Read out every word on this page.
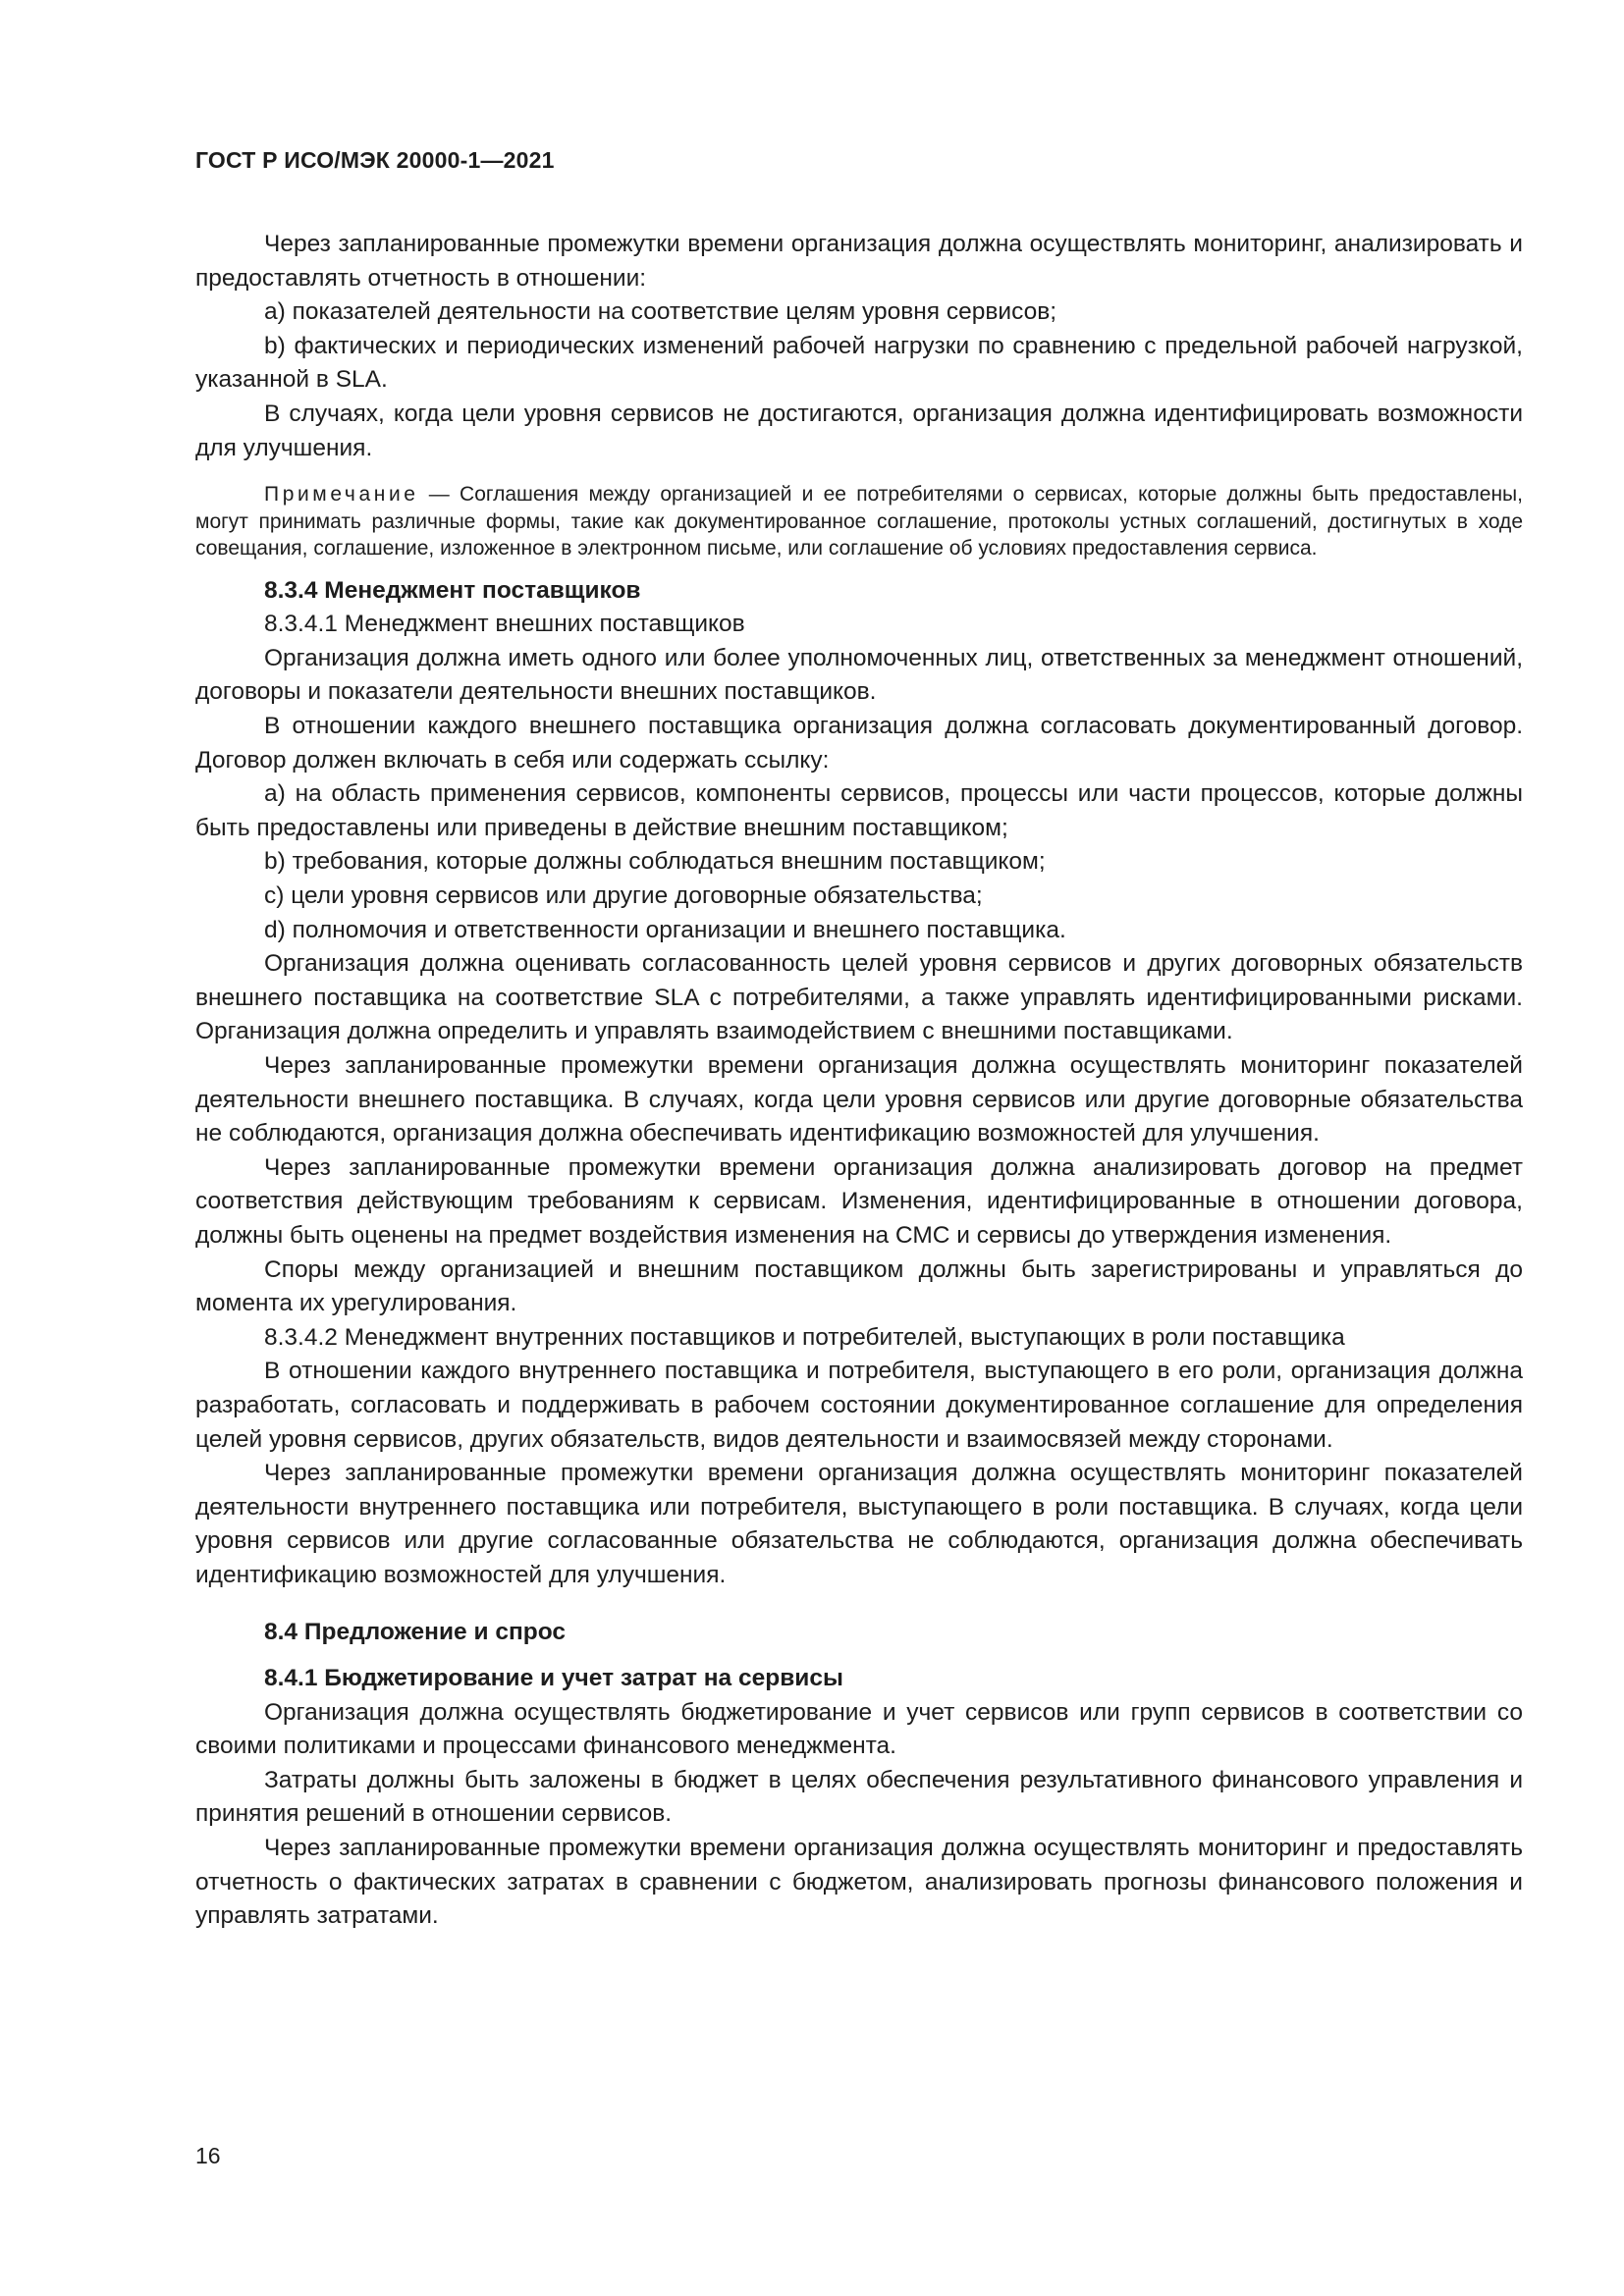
ГОСТ Р ИСО/МЭК 20000-1—2021

Через запланированные промежутки времени организация должна осуществлять мониторинг, анализировать и предоставлять отчетность в отношении:

a) показателей деятельности на соответствие целям уровня сервисов;

b) фактических и периодических изменений рабочей нагрузки по сравнению с предельной рабочей нагрузкой, указанной в SLA.

В случаях, когда цели уровня сервисов не достигаются, организация должна идентифицировать возможности для улучшения.

Примечание — Соглашения между организацией и ее потребителями о сервисах, которые должны быть предоставлены, могут принимать различные формы, такие как документированное соглашение, протоколы устных соглашений, достигнутых в ходе совещания, соглашение, изложенное в электронном письме, или соглашение об условиях предоставления сервиса.

8.3.4 Менеджмент поставщиков

8.3.4.1 Менеджмент внешних поставщиков

Организация должна иметь одного или более уполномоченных лиц, ответственных за менеджмент отношений, договоры и показатели деятельности внешних поставщиков.

В отношении каждого внешнего поставщика организация должна согласовать документированный договор. Договор должен включать в себя или содержать ссылку:

a) на область применения сервисов, компоненты сервисов, процессы или части процессов, которые должны быть предоставлены или приведены в действие внешним поставщиком;

b) требования, которые должны соблюдаться внешним поставщиком;

c) цели уровня сервисов или другие договорные обязательства;

d) полномочия и ответственности организации и внешнего поставщика.

Организация должна оценивать согласованность целей уровня сервисов и других договорных обязательств внешнего поставщика на соответствие SLA с потребителями, а также управлять идентифицированными рисками. Организация должна определить и управлять взаимодействием с внешними поставщиками.

Через запланированные промежутки времени организация должна осуществлять мониторинг показателей деятельности внешнего поставщика. В случаях, когда цели уровня сервисов или другие договорные обязательства не соблюдаются, организация должна обеспечивать идентификацию возможностей для улучшения.

Через запланированные промежутки времени организация должна анализировать договор на предмет соответствия действующим требованиям к сервисам. Изменения, идентифицированные в отношении договора, должны быть оценены на предмет воздействия изменения на СМС и сервисы до утверждения изменения.

Споры между организацией и внешним поставщиком должны быть зарегистрированы и управляться до момента их урегулирования.

8.3.4.2 Менеджмент внутренних поставщиков и потребителей, выступающих в роли поставщика

В отношении каждого внутреннего поставщика и потребителя, выступающего в его роли, организация должна разработать, согласовать и поддерживать в рабочем состоянии документированное соглашение для определения целей уровня сервисов, других обязательств, видов деятельности и взаимосвязей между сторонами.

Через запланированные промежутки времени организация должна осуществлять мониторинг показателей деятельности внутреннего поставщика или потребителя, выступающего в роли поставщика. В случаях, когда цели уровня сервисов или другие согласованные обязательства не соблюдаются, организация должна обеспечивать идентификацию возможностей для улучшения.

8.4 Предложение и спрос
8.4.1 Бюджетирование и учет затрат на сервисы

Организация должна осуществлять бюджетирование и учет сервисов или групп сервисов в соответствии со своими политиками и процессами финансового менеджмента.

Затраты должны быть заложены в бюджет в целях обеспечения результативного финансового управления и принятия решений в отношении сервисов.

Через запланированные промежутки времени организация должна осуществлять мониторинг и предоставлять отчетность о фактических затратах в сравнении с бюджетом, анализировать прогнозы финансового положения и управлять затратами.

16
